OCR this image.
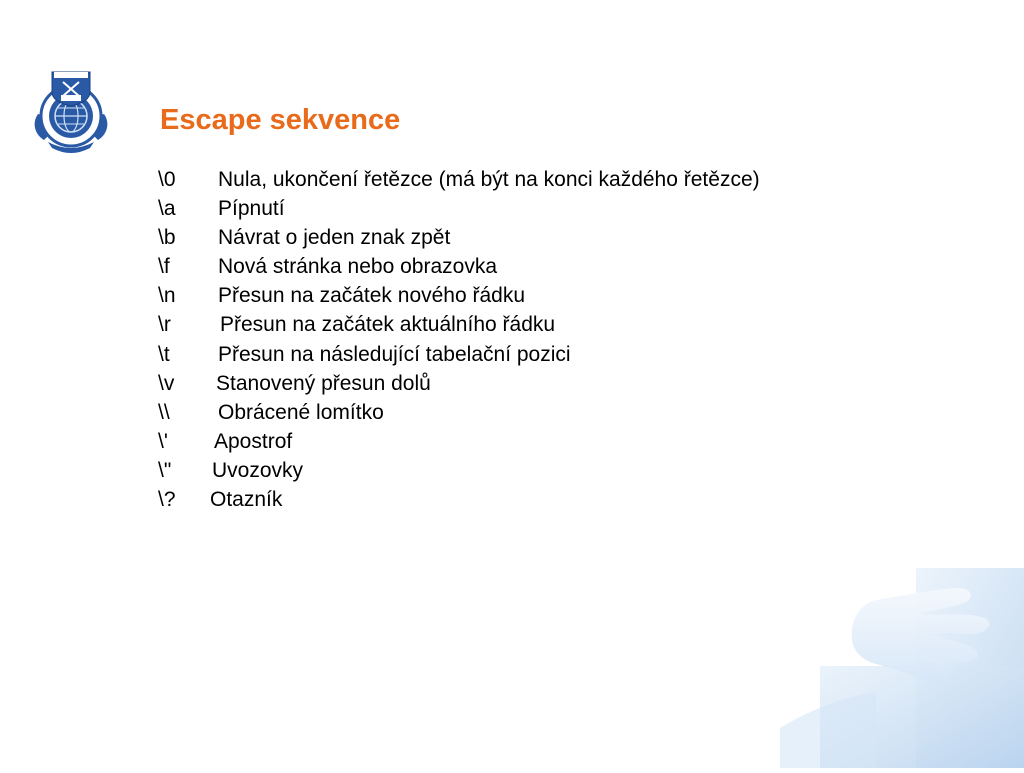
Escape sekvence
\0 Nula, ukončení řetězce (má být na konci každého řetězce)
\a Pípnutí
\b Návrat o jeden znak zpět
\f Nová stránka nebo obrazovka
\n Přesun na začátek nového řádku
\r Přesun na začátek aktuálního řádku
\t Přesun na následující tabelační pozici
\v Stanovený přesun dolů
\\ Obrácené lomítko
\' Apostrof
\" Uvozovky
\? Otazník
